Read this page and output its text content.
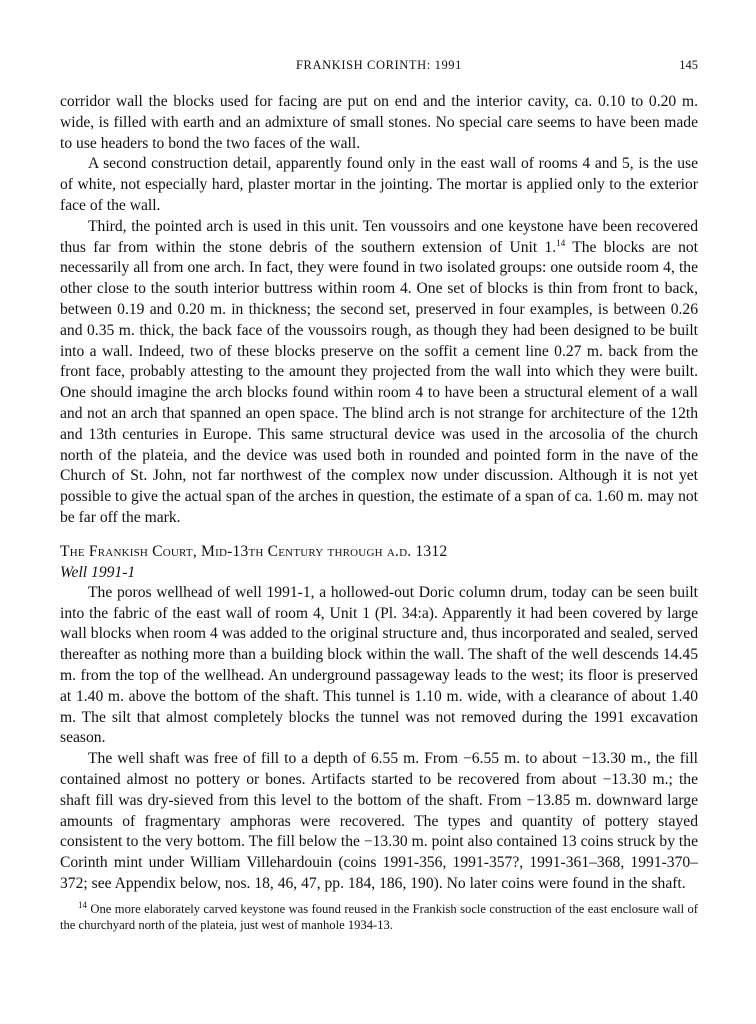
FRANKISH CORINTH: 1991	145

corridor wall the blocks used for facing are put on end and the interior cavity, ca. 0.10 to 0.20 m. wide, is filled with earth and an admixture of small stones. No special care seems to have been made to use headers to bond the two faces of the wall.

A second construction detail, apparently found only in the east wall of rooms 4 and 5, is the use of white, not especially hard, plaster mortar in the jointing. The mortar is applied only to the exterior face of the wall.

Third, the pointed arch is used in this unit. Ten voussoirs and one keystone have been recovered thus far from within the stone debris of the southern extension of Unit 1.14 The blocks are not necessarily all from one arch. In fact, they were found in two isolated groups: one outside room 4, the other close to the south interior buttress within room 4. One set of blocks is thin from front to back, between 0.19 and 0.20 m. in thickness; the second set, preserved in four examples, is between 0.26 and 0.35 m. thick, the back face of the voussoirs rough, as though they had been designed to be built into a wall. Indeed, two of these blocks preserve on the soffit a cement line 0.27 m. back from the front face, probably attesting to the amount they projected from the wall into which they were built. One should imagine the arch blocks found within room 4 to have been a structural element of a wall and not an arch that spanned an open space. The blind arch is not strange for architecture of the 12th and 13th centuries in Europe. This same structural device was used in the arcosolia of the church north of the plateia, and the device was used both in rounded and pointed form in the nave of the Church of St. John, not far northwest of the complex now under discussion. Although it is not yet possible to give the actual span of the arches in question, the estimate of a span of ca. 1.60 m. may not be far off the mark.

The Frankish Court, Mid-13th Century through a.d. 1312
Well 1991-1

The poros wellhead of well 1991-1, a hollowed-out Doric column drum, today can be seen built into the fabric of the east wall of room 4, Unit 1 (Pl. 34:a). Apparently it had been covered by large wall blocks when room 4 was added to the original structure and, thus incorporated and sealed, served thereafter as nothing more than a building block within the wall. The shaft of the well descends 14.45 m. from the top of the wellhead. An underground passageway leads to the west; its floor is preserved at 1.40 m. above the bottom of the shaft. This tunnel is 1.10 m. wide, with a clearance of about 1.40 m. The silt that almost completely blocks the tunnel was not removed during the 1991 excavation season.

The well shaft was free of fill to a depth of 6.55 m. From −6.55 m. to about −13.30 m., the fill contained almost no pottery or bones. Artifacts started to be recovered from about −13.30 m.; the shaft fill was dry-sieved from this level to the bottom of the shaft. From −13.85 m. downward large amounts of fragmentary amphoras were recovered. The types and quantity of pottery stayed consistent to the very bottom. The fill below the −13.30 m. point also contained 13 coins struck by the Corinth mint under William Villehardouin (coins 1991-356, 1991-357?, 1991-361–368, 1991-370–372; see Appendix below, nos. 18, 46, 47, pp. 184, 186, 190). No later coins were found in the shaft.

$^{14}$ One more elaborately carved keystone was found reused in the Frankish socle construction of the east enclosure wall of the churchyard north of the plateia, just west of manhole 1934-13.
